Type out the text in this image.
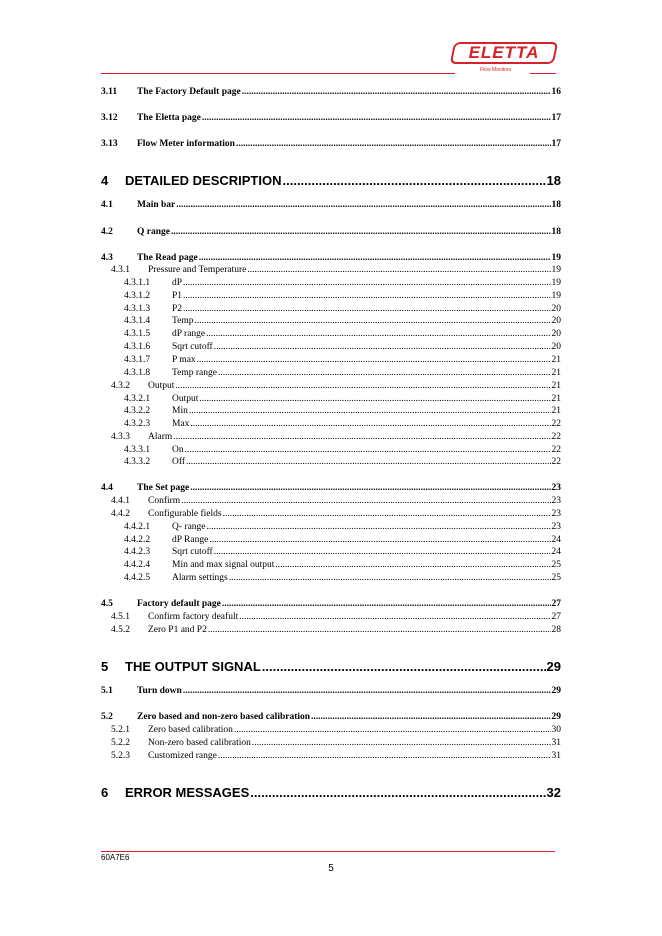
ELETTA
Flow Monitors
3.11	The Factory Default page .....	16
3.12	The Eletta page .....	17
3.13	Flow Meter information .....	17
4	DETAILED DESCRIPTION .....	18
4.1	Main bar .....	18
4.2	Q range .....	18
4.3	The Read page .....	19
4.3.1	Pressure and Temperature .....	19
4.3.1.1	dP .....	19
4.3.1.2	P1 .....	19
4.3.1.3	P2 .....	20
4.3.1.4	Temp .....	20
4.3.1.5	dP range .....	20
4.3.1.6	Sqrt cutoff .....	20
4.3.1.7	P max .....	21
4.3.1.8	Temp range .....	21
4.3.2	Output .....	21
4.3.2.1	Output .....	21
4.3.2.2	Min .....	21
4.3.2.3	Max .....	22
4.3.3	Alarm .....	22
4.3.3.1	On .....	22
4.3.3.2	Off .....	22
4.4	The Set page .....	23
4.4.1	Confirm .....	23
4.4.2	Configurable fields .....	23
4.4.2.1	Q- range .....	23
4.4.2.2	dP Range .....	24
4.4.2.3	Sqrt cutoff .....	24
4.4.2.4	Min and max signal output .....	25
4.4.2.5	Alarm settings .....	25
4.5	Factory default page .....	27
4.5.1	Confirm factory deafult .....	27
4.5.2	Zero P1 and P2 .....	28
5	THE OUTPUT SIGNAL .....	29
5.1	Turn down .....	29
5.2	Zero based and non-zero based calibration .....	29
5.2.1	Zero based calibration .....	30
5.2.2	Non-zero based calibration .....	31
5.2.3	Customized range .....	31
6	ERROR MESSAGES .....	32
60A7E6
5
